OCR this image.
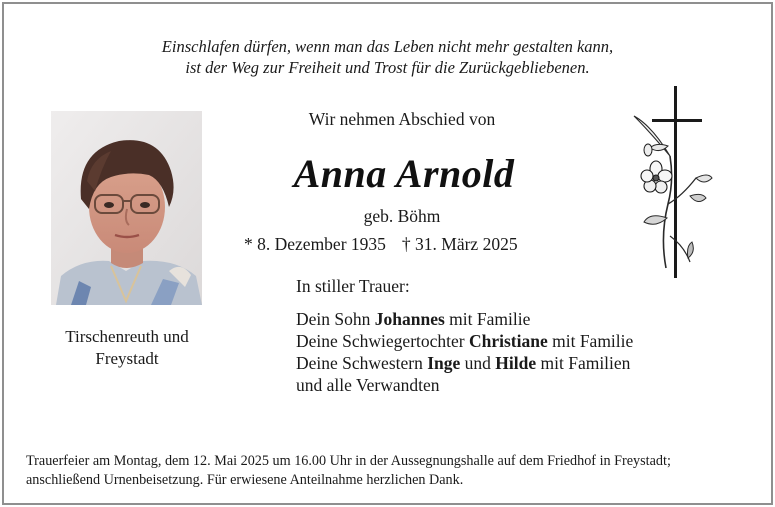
Einschlafen dürfen, wenn man das Leben nicht mehr gestalten kann,
ist der Weg zur Freiheit und Trost für die Zurückgebliebenen.
Tirschenreuth und
Freystadt
Wir nehmen Abschied von
Anna Arnold
geb. Böhm
* 8. Dezember 1935 † 31. März 2025
In stiller Trauer:
Dein Sohn Johannes mit Familie
Deine Schwiegertochter Christiane mit Familie
Deine Schwestern Inge und Hilde mit Familien
und alle Verwandten
Trauerfeier am Montag, dem 12. Mai 2025 um 16.00 Uhr in der Aussegnungshalle auf dem Friedhof in Freystadt;
anschließend Urnenbeisetzung. Für erwiesene Anteilnahme herzlichen Dank.
